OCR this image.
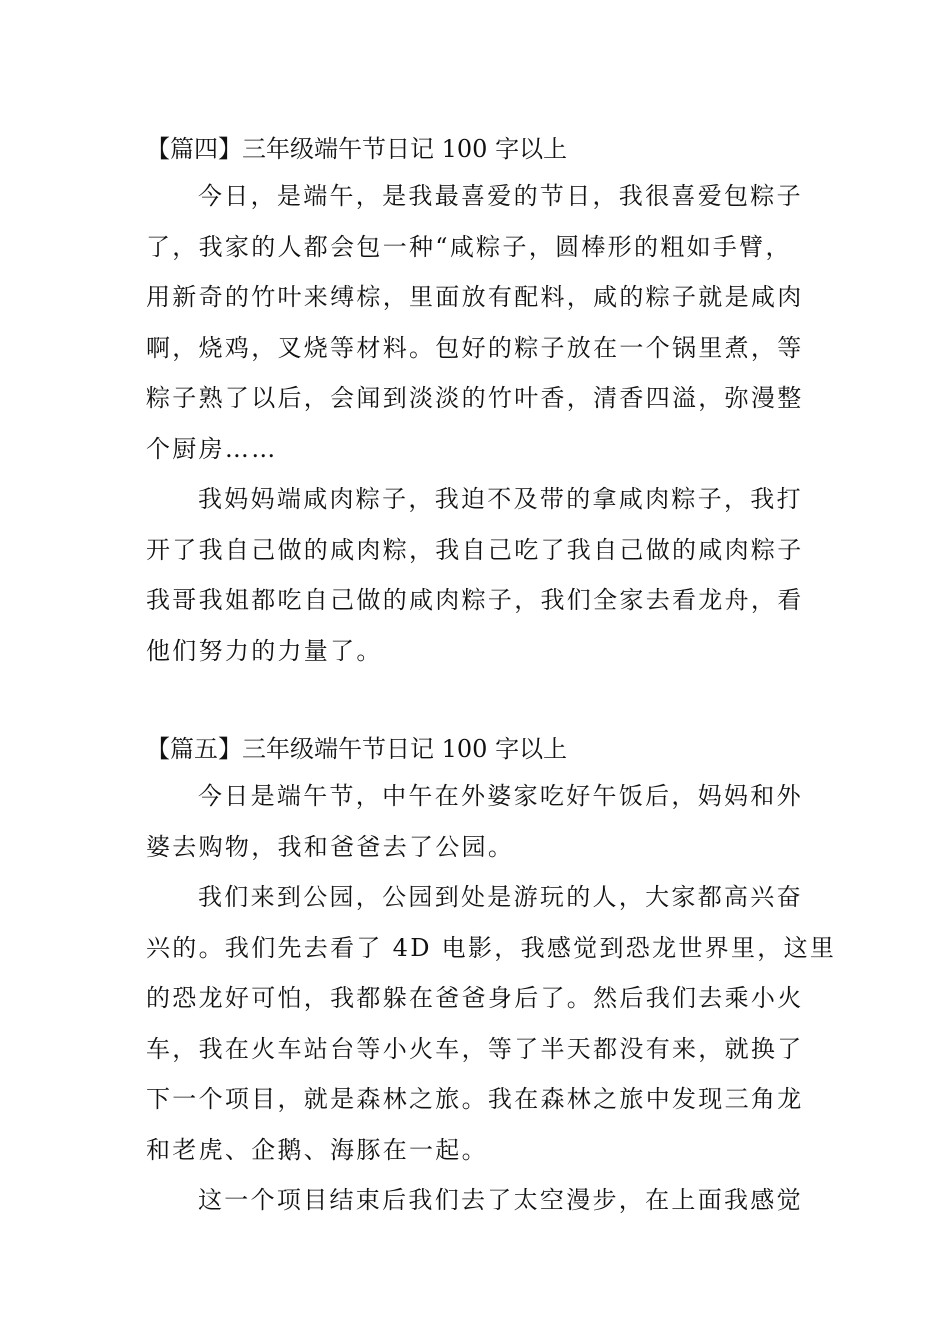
【篇四】三年级端午节日记 100 字以上
今日，是端午，是我最喜爱的节日，我很喜爱包粽子
了，我家的人都会包一种“咸粽子，圆棒形的粗如手臂，
用新奇的竹叶来缚棕，里面放有配料，咸的粽子就是咸肉
啊，烧鸡，叉烧等材料。包好的粽子放在一个锅里煮，等
粽子熟了以后，会闻到淡淡的竹叶香，清香四溢，弥漫整
个厨房……
我妈妈端咸肉粽子，我迫不及带的拿咸肉粽子，我打
开了我自己做的咸肉粽，我自己吃了我自己做的咸肉粽子
我哥我姐都吃自己做的咸肉粽子，我们全家去看龙舟，看
他们努力的力量了。
【篇五】三年级端午节日记 100 字以上
今日是端午节，中午在外婆家吃好午饭后，妈妈和外
婆去购物，我和爸爸去了公园。
我们来到公园，公园到处是游玩的人，大家都高兴奋
兴的。我们先去看了 4D 电影，我感觉到恐龙世界里，这里
的恐龙好可怕，我都躲在爸爸身后了。然后我们去乘小火
车，我在火车站台等小火车，等了半天都没有来，就换了
下一个项目，就是森林之旅。我在森林之旅中发现三角龙
和老虎、企鹅、海豚在一起。
这一个项目结束后我们去了太空漫步，在上面我感觉
